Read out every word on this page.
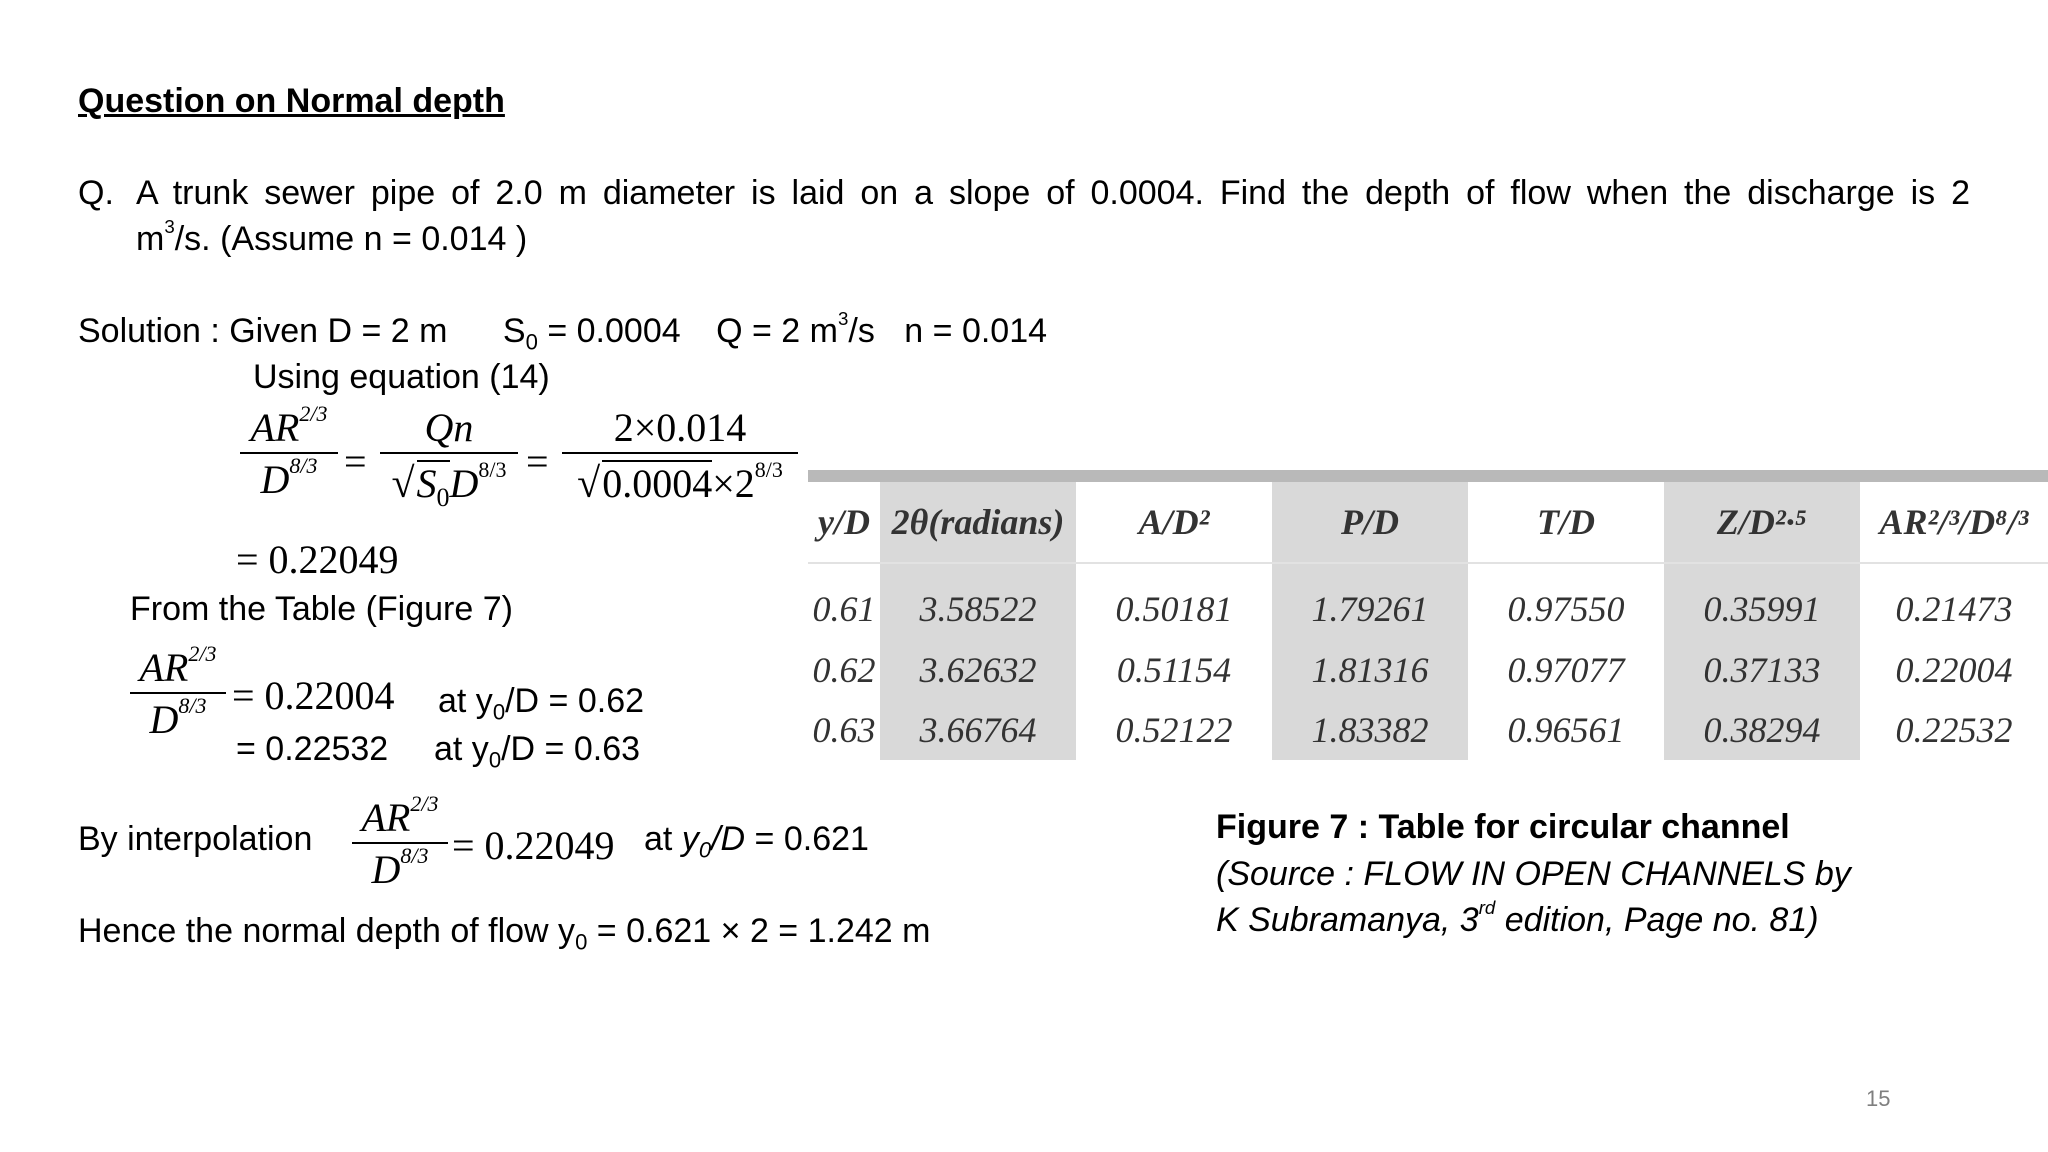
Question on Normal depth
Q. A trunk sewer pipe of 2.0 m diameter is laid on a slope of 0.0004. Find the depth of flow when the discharge is 2
$m^3/s$. (Assume n = 0.014 )
Solution : Given D = 2 m $S_0 = 0.0004$ Q = 2 $m^3/s$ n = 0.014
Using equation (14)
$AR^{2/3}$
$D^{8/3}$ =
Qn
$√S_0D^{8/3}$ =
2×0.014
$√0.0004\times 2^{8/3}$
= 0.22049
From the Table (Figure 7)
$AR^{2/3}$
$D^{8/3} = 0.22004$ at $y_0/D = 0.62$
= 0.22532 at $y_0/D = 0.63$
By interpolation $AR^{2/3}$
$D^{8/3} = 0.22049$ at $y_0/D = 0.621$
Hence the normal depth of flow $y_0 = 0.621 \times 2 = 1.242$ m
y/D	2θ(radians)	A/D²	P/D	T/D	Z/D²·⁵	AR²/³/D⁸/³
0.61	3.58522	0.50181	1.79261	0.97550	0.35991	0.21473
0.62	3.62632	0.51154	1.81316	0.97077	0.37133	0.22004
0.63	3.66764	0.52122	1.83382	0.96561	0.38294	0.22532
Figure 7 : Table for circular channel
(Source : FLOW IN OPEN CHANNELS by K Subramanya, 3rd edition, Page no. 81)
15
